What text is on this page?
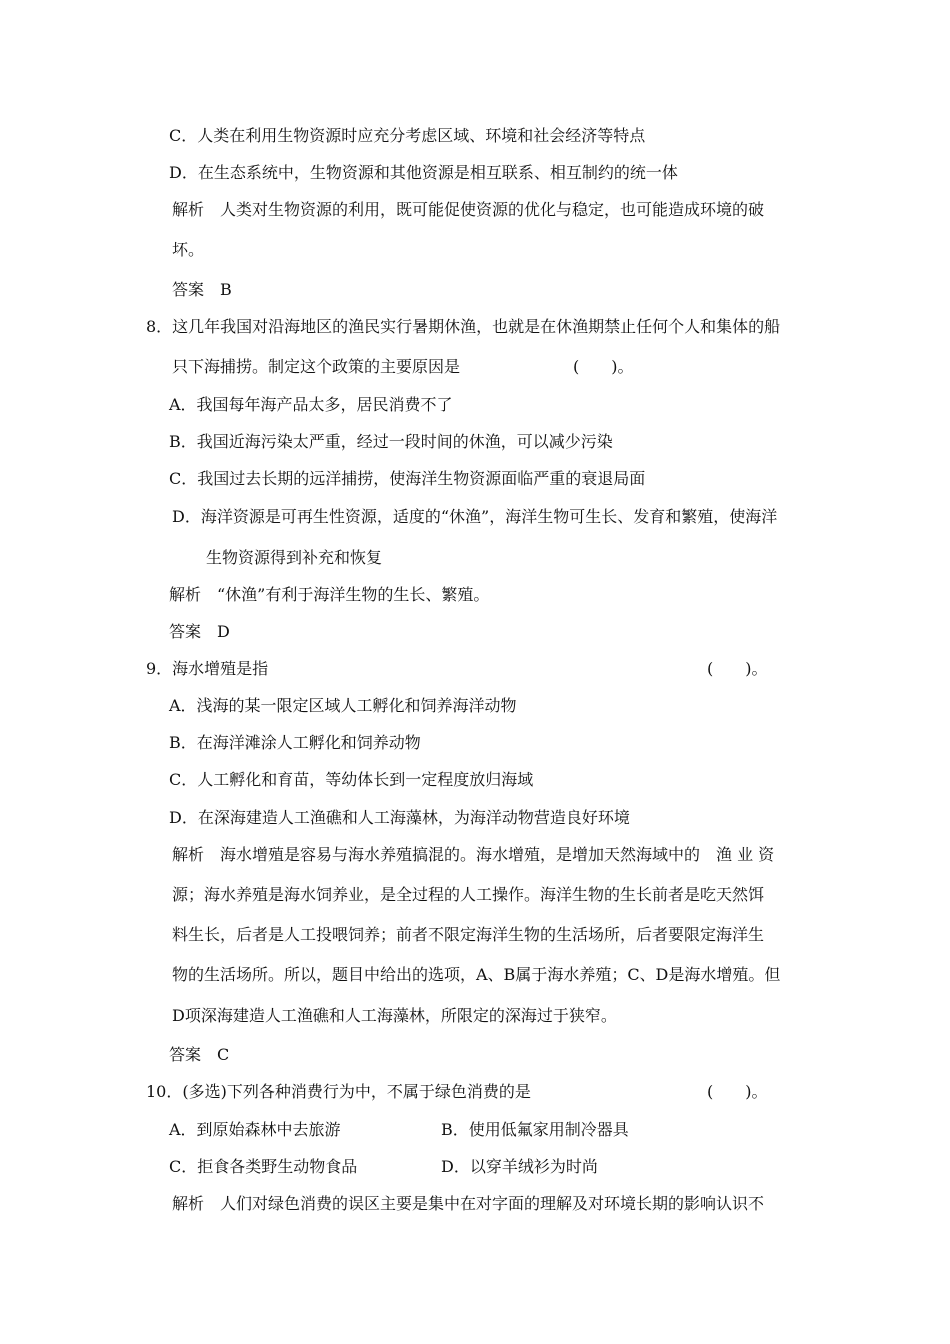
C．人类在利用生物资源时应充分考虑区域、环境和社会经济等特点
D．在生态系统中，生物资源和其他资源是相互联系、相互制约的统一体
解析　人类对生物资源的利用，既可能促使资源的优化与稳定，也可能造成环境的破
坏。
答案　B
8．这几年我国对沿海地区的渔民实行暑期休渔，也就是在休渔期禁止任何个人和集体的船
只下海捕捞。制定这个政策的主要原因是	(　　)。
A．我国每年海产品太多，居民消费不了
B．我国近海污染太严重，经过一段时间的休渔，可以减少污染
C．我国过去长期的远洋捕捞，使海洋生物资源面临严重的衰退局面
D．海洋资源是可再生性资源，适度的“休渔”，海洋生物可生长、发育和繁殖，使海洋
生物资源得到补充和恢复
解析　“休渔”有利于海洋生物的生长、繁殖。
答案　D
9．海水增殖是指	(　　)。
A．浅海的某一限定区域人工孵化和饲养海洋动物
B．在海洋滩涂人工孵化和饲养动物
C．人工孵化和育苗，等幼体长到一定程度放归海域
D．在深海建造人工渔礁和人工海藻林，为海洋动物营造良好环境
解析　海水增殖是容易与海水养殖搞混的。海水增殖，是增加天然海域中的　渔 业 资
源；海水养殖是海水饲养业，是全过程的人工操作。海洋生物的生长前者是吃天然饵
料生长，后者是人工投喂饲养；前者不限定海洋生物的生活场所，后者要限定海洋生
物的生活场所。所以，题目中给出的选项，A、B属于海水养殖；C、D是海水增殖。但
D项深海建造人工渔礁和人工海藻林，所限定的深海过于狭窄。
答案　C
10．(多选)下列各种消费行为中，不属于绿色消费的是	(　　)。
A．到原始森林中去旅游	B．使用低氟家用制冷器具
C．拒食各类野生动物食品	D．以穿羊绒衫为时尚
解析　人们对绿色消费的误区主要是集中在对字面的理解及对环境长期的影响认识不
